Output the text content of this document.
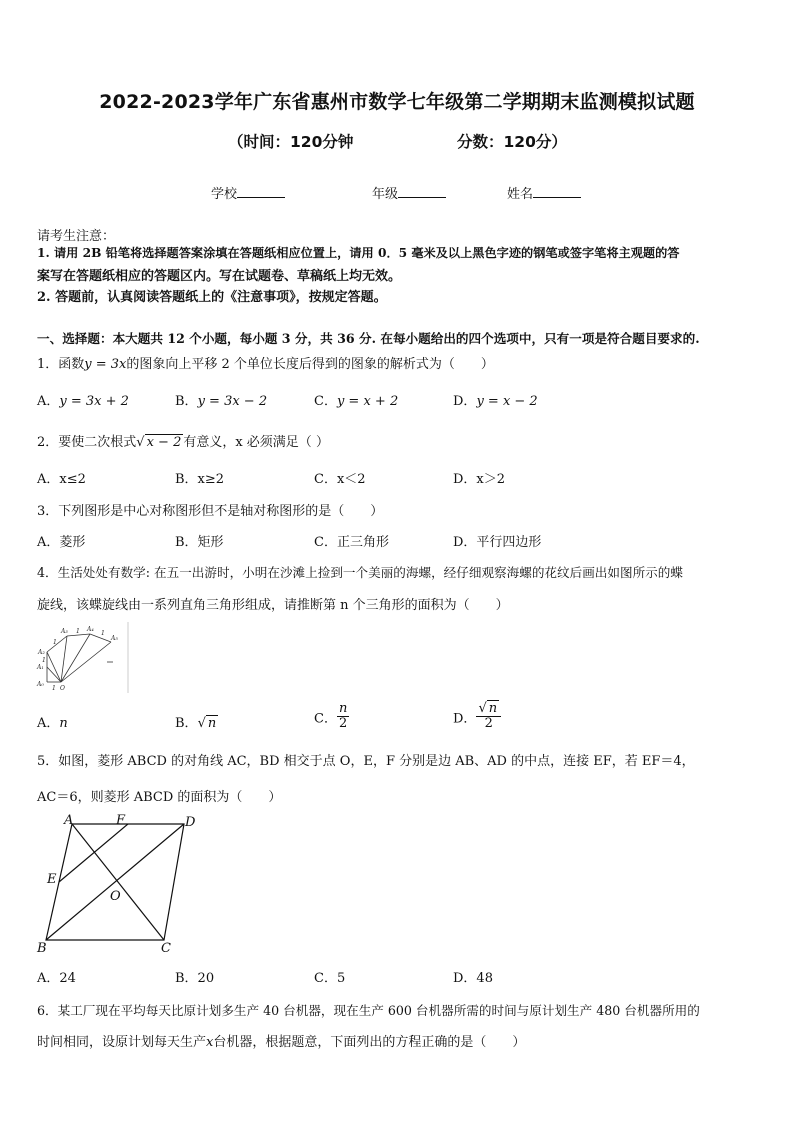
2022-2023学年广东省惠州市数学七年级第二学期期末监测模拟试题
（时间：120分钟	分数：120分）
学校	年级	姓名
请考生注意：
1. 请用 2B 铅笔将选择题答案涂填在答题纸相应位置上，请用 0．5 毫米及以上黑色字迹的钢笔或签字笔将主观题的答
案写在答题纸相应的答题区内。写在试题卷、草稿纸上均无效。
2. 答题前，认真阅读答题纸上的《注意事项》，按规定答题。
一、选择题：本大题共 12 个小题，每小题 3 分，共 36 分. 在每小题给出的四个选项中，只有一项是符合题目要求的.
1．函数y = 3x的图象向上平移 2 个单位长度后得到的图象的解析式为（　　）
A．y = 3x + 2	B．y = 3x − 2	C．y = x + 2	D．y = x − 2
2．要使二次根式√ x − 2 有意义，x 必须满足（ ）
A．x≤2	B．x≥2	C．x＜2	D．x＞2
3．下列图形是中心对称图形但不是轴对称图形的是（　　）
A．菱形	B．矩形	C．正三角形	D．平行四边形
4．生活处处有数学: 在五一出游时，小明在沙滩上捡到一个美丽的海螺，经仔细观察海螺的花纹后画出如图所示的蝶
旋线，该蝶旋线由一系列直角三角形组成，请推断第 n 个三角形的面积为（　　）
A₀
A₁
A₂
A₃	A₄
A₅
O
1
1
1
1	1
A．n	B．√ n	C． $\frac{n}{2}$	D． $\frac{√ n}{2}$
5．如图，菱形 ABCD 的对角线 AC，BD 相交于点 O，E，F 分别是边 AB、AD 的中点，连接 EF，若 EF＝4，
AC＝6，则菱形 ABCD 的面积为（　　）
A	F	D
E
O
B	C
A．24	B．20	C．5	D．48
6．某工厂现在平均每天比原计划多生产 40 台机器，现在生产 600 台机器所需的时间与原计划生产 480 台机器所用的
时间相同，设原计划每天生产x台机器，根据题意，下面列出的方程正确的是（　　）
